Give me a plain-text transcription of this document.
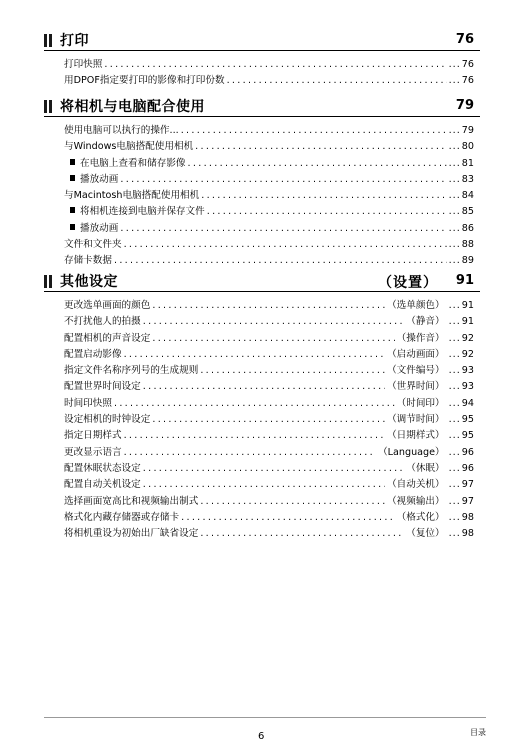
打印	76
打印快照 .....	... 76
用DPOF指定要打印的影像和打印份数 .....	... 76
将相机与电脑配合使用	79
使用电脑可以执行的操作... .....	... 79
与Windows电脑搭配使用相机 .....	... 80
在电脑上查看和储存影像 .....	... 81
播放动画 .....	... 83
与Macintosh电脑搭配使用相机 .....	... 84
将相机连接到电脑并保存文件 .....	... 85
播放动画 .....	... 86
文件和文件夹 .....	... 88
存储卡数据 .....	... 89
其他设定	（设置） 91
更改选单画面的颜色 .....	（选单颜色）	... 91
不打扰他人的拍摄 .....	（静音）	... 91
配置相机的声音设定 .....	（操作音）	... 92
配置启动影像 .....	（启动画面）	... 92
指定文件名称序列号的生成规则 .....	（文件编号）	... 93
配置世界时间设定 .....	（世界时间）	... 93
时间印快照 .....	（时间印）	... 94
设定相机的时钟设定 .....	（调节时间）	... 95
指定日期样式 .....	（日期样式）	... 95
更改显示语言 .....	（Language）	... 96
配置休眠状态设定 .....	（休眠）	... 96
配置自动关机设定 .....	（自动关机）	... 97
选择画面宽高比和视频输出制式 .....	（视频输出）	... 97
格式化内藏存储器或存储卡 .....	（格式化）	... 98
将相机重设为初始出厂缺省设定 .....	（复位）	... 98
6	目录
